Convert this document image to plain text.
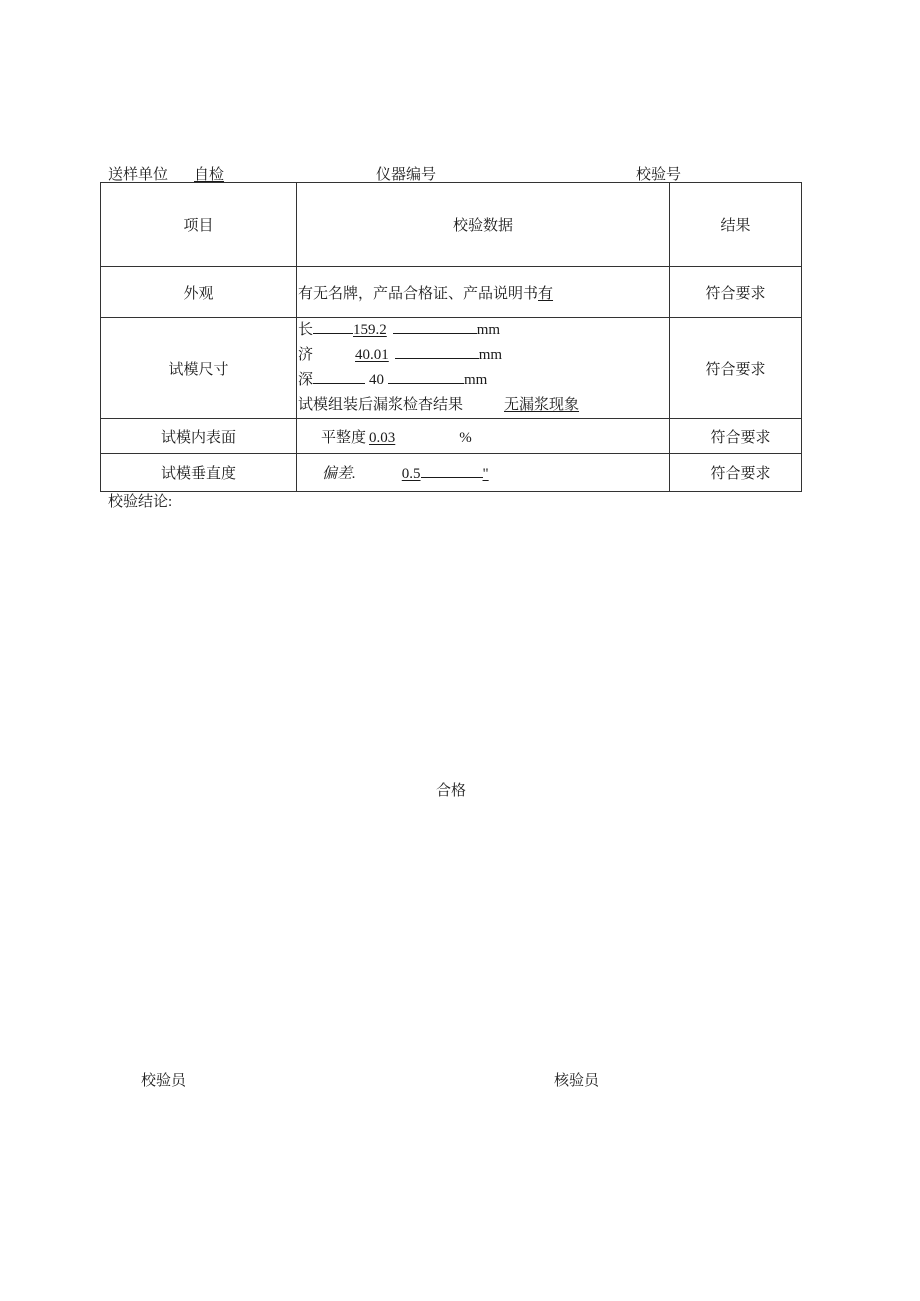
送样单位 自检	仪器编号	校验号
项目	校验数据	结果
外观	有无名牌，产品合格证、产品说明书有	符合要求
试模尺寸	长 159.2 mm
济 40.01 mm
深 40 mm
试模组装后漏浆检杳结果 无漏浆现象	符合要求
试模内表面	平整度 0.03 %	符合要求
试模垂直度	偏差. 0.5 "	符合要求
校验结论:
合格
校验员	核验员
